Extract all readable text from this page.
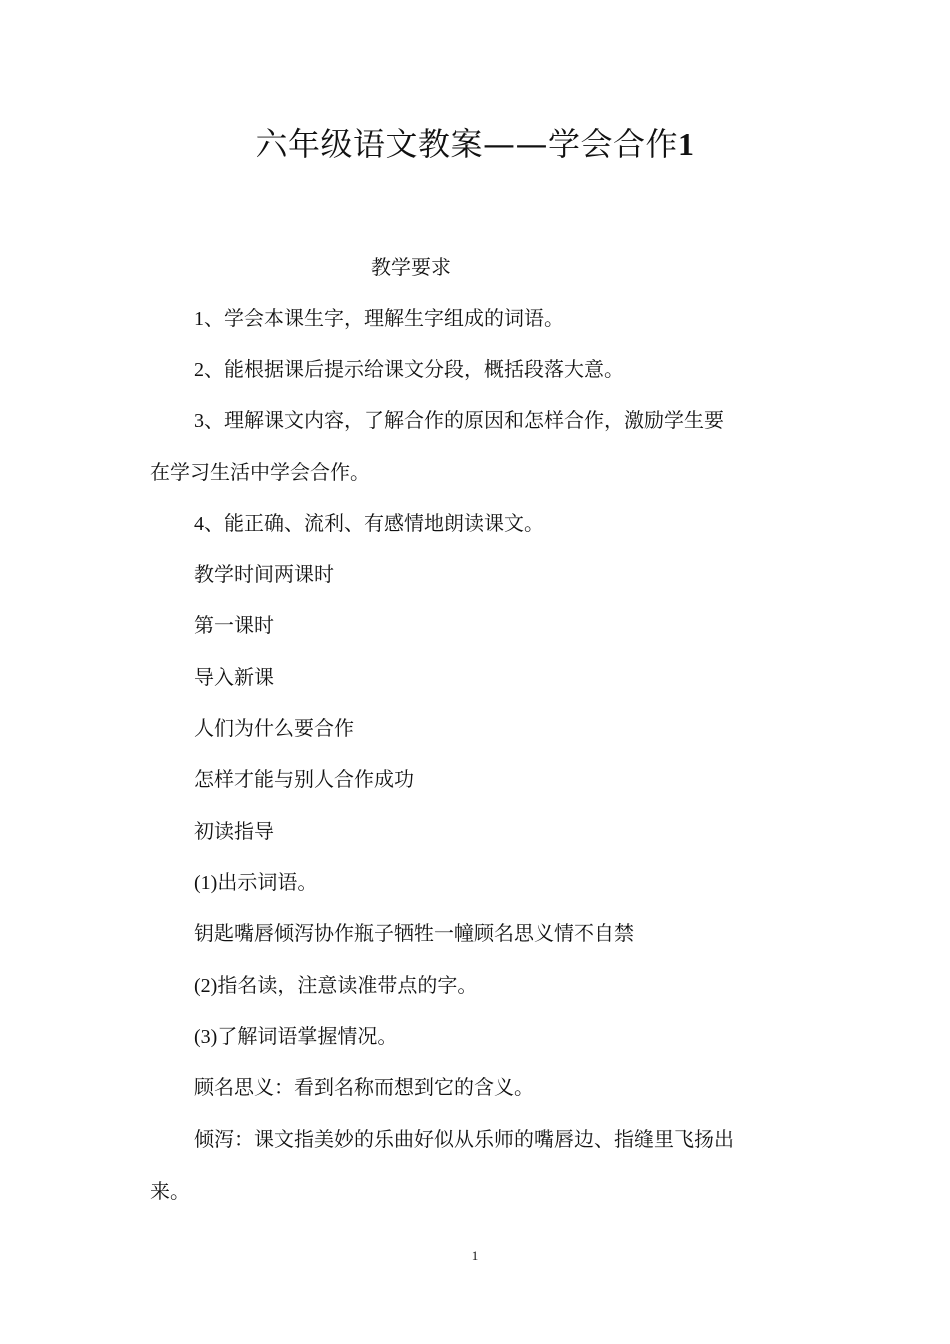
六年级语文教案——学会合作1

教学要求

1、学会本课生字，理解生字组成的词语。

2、能根据课后提示给课文分段，概括段落大意。

3、理解课文内容，了解合作的原因和怎样合作，激励学生要

在学习生活中学会合作。

4、能正确、流利、有感情地朗读课文。

教学时间两课时

第一课时

导入新课

人们为什么要合作

怎样才能与别人合作成功

初读指导

(1)出示词语。

钥匙嘴唇倾泻协作瓶子牺牲一幢顾名思义情不自禁

(2)指名读，注意读准带点的字。

(3)了解词语掌握情况。

顾名思义：看到名称而想到它的含义。

倾泻：课文指美妙的乐曲好似从乐师的嘴唇边、指缝里飞扬出

来。

1
